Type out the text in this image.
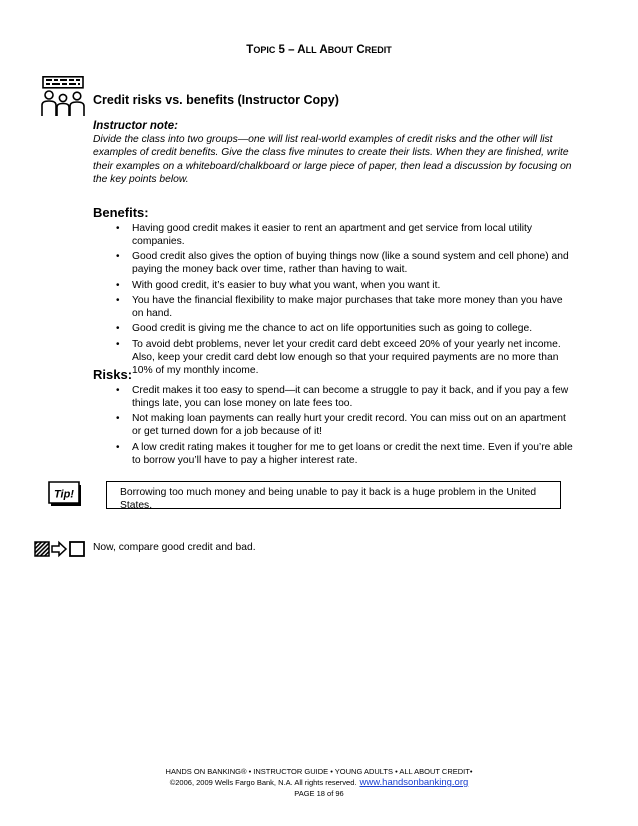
TOPIC 5 – ALL ABOUT CREDIT
Credit risks vs. benefits (Instructor Copy)
Instructor note:
Divide the class into two groups—one will list real-world examples of credit risks and the other will list
examples of credit benefits. Give the class five minutes to create their lists. When they are finished, write
their examples on a whiteboard/chalkboard or large piece of paper, then lead a discussion by focusing on
the key points below.
Benefits:
• Having good credit makes it easier to rent an apartment and get service from local utility
companies.
• Good credit also gives the option of buying things now (like a sound system and cell phone) and
paying the money back over time, rather than having to wait.
• With good credit, it’s easier to buy what you want, when you want it.
• You have the financial flexibility to make major purchases that take more money than you have
on hand.
• Good credit is giving me the chance to act on life opportunities such as going to college.
• To avoid debt problems, never let your credit card debt exceed 20% of your yearly net income.
Also, keep your credit card debt low enough so that your required payments are no more than
10% of my monthly income.
Risks:
• Credit makes it too easy to spend—it can become a struggle to pay it back, and if you pay a few
things late, you can lose money on late fees too.
• Not making loan payments can really hurt your credit record. You can miss out on an apartment
or get turned down for a job because of it!
• A low credit rating makes it tougher for me to get loans or credit the next time. Even if you’re able
to borrow you’ll have to pay a higher interest rate.
Tip!	Borrowing too much money and being unable to pay it back is a huge problem in the United
States.
Now, compare good credit and bad.
HANDS ON BANKING® • INSTRUCTOR GUIDE • YOUNG ADULTS • ALL ABOUT CREDIT•
©2006, 2009 Wells Fargo Bank, N.A. All rights reserved. www.handsonbanking.org
PAGE 18 of 96
